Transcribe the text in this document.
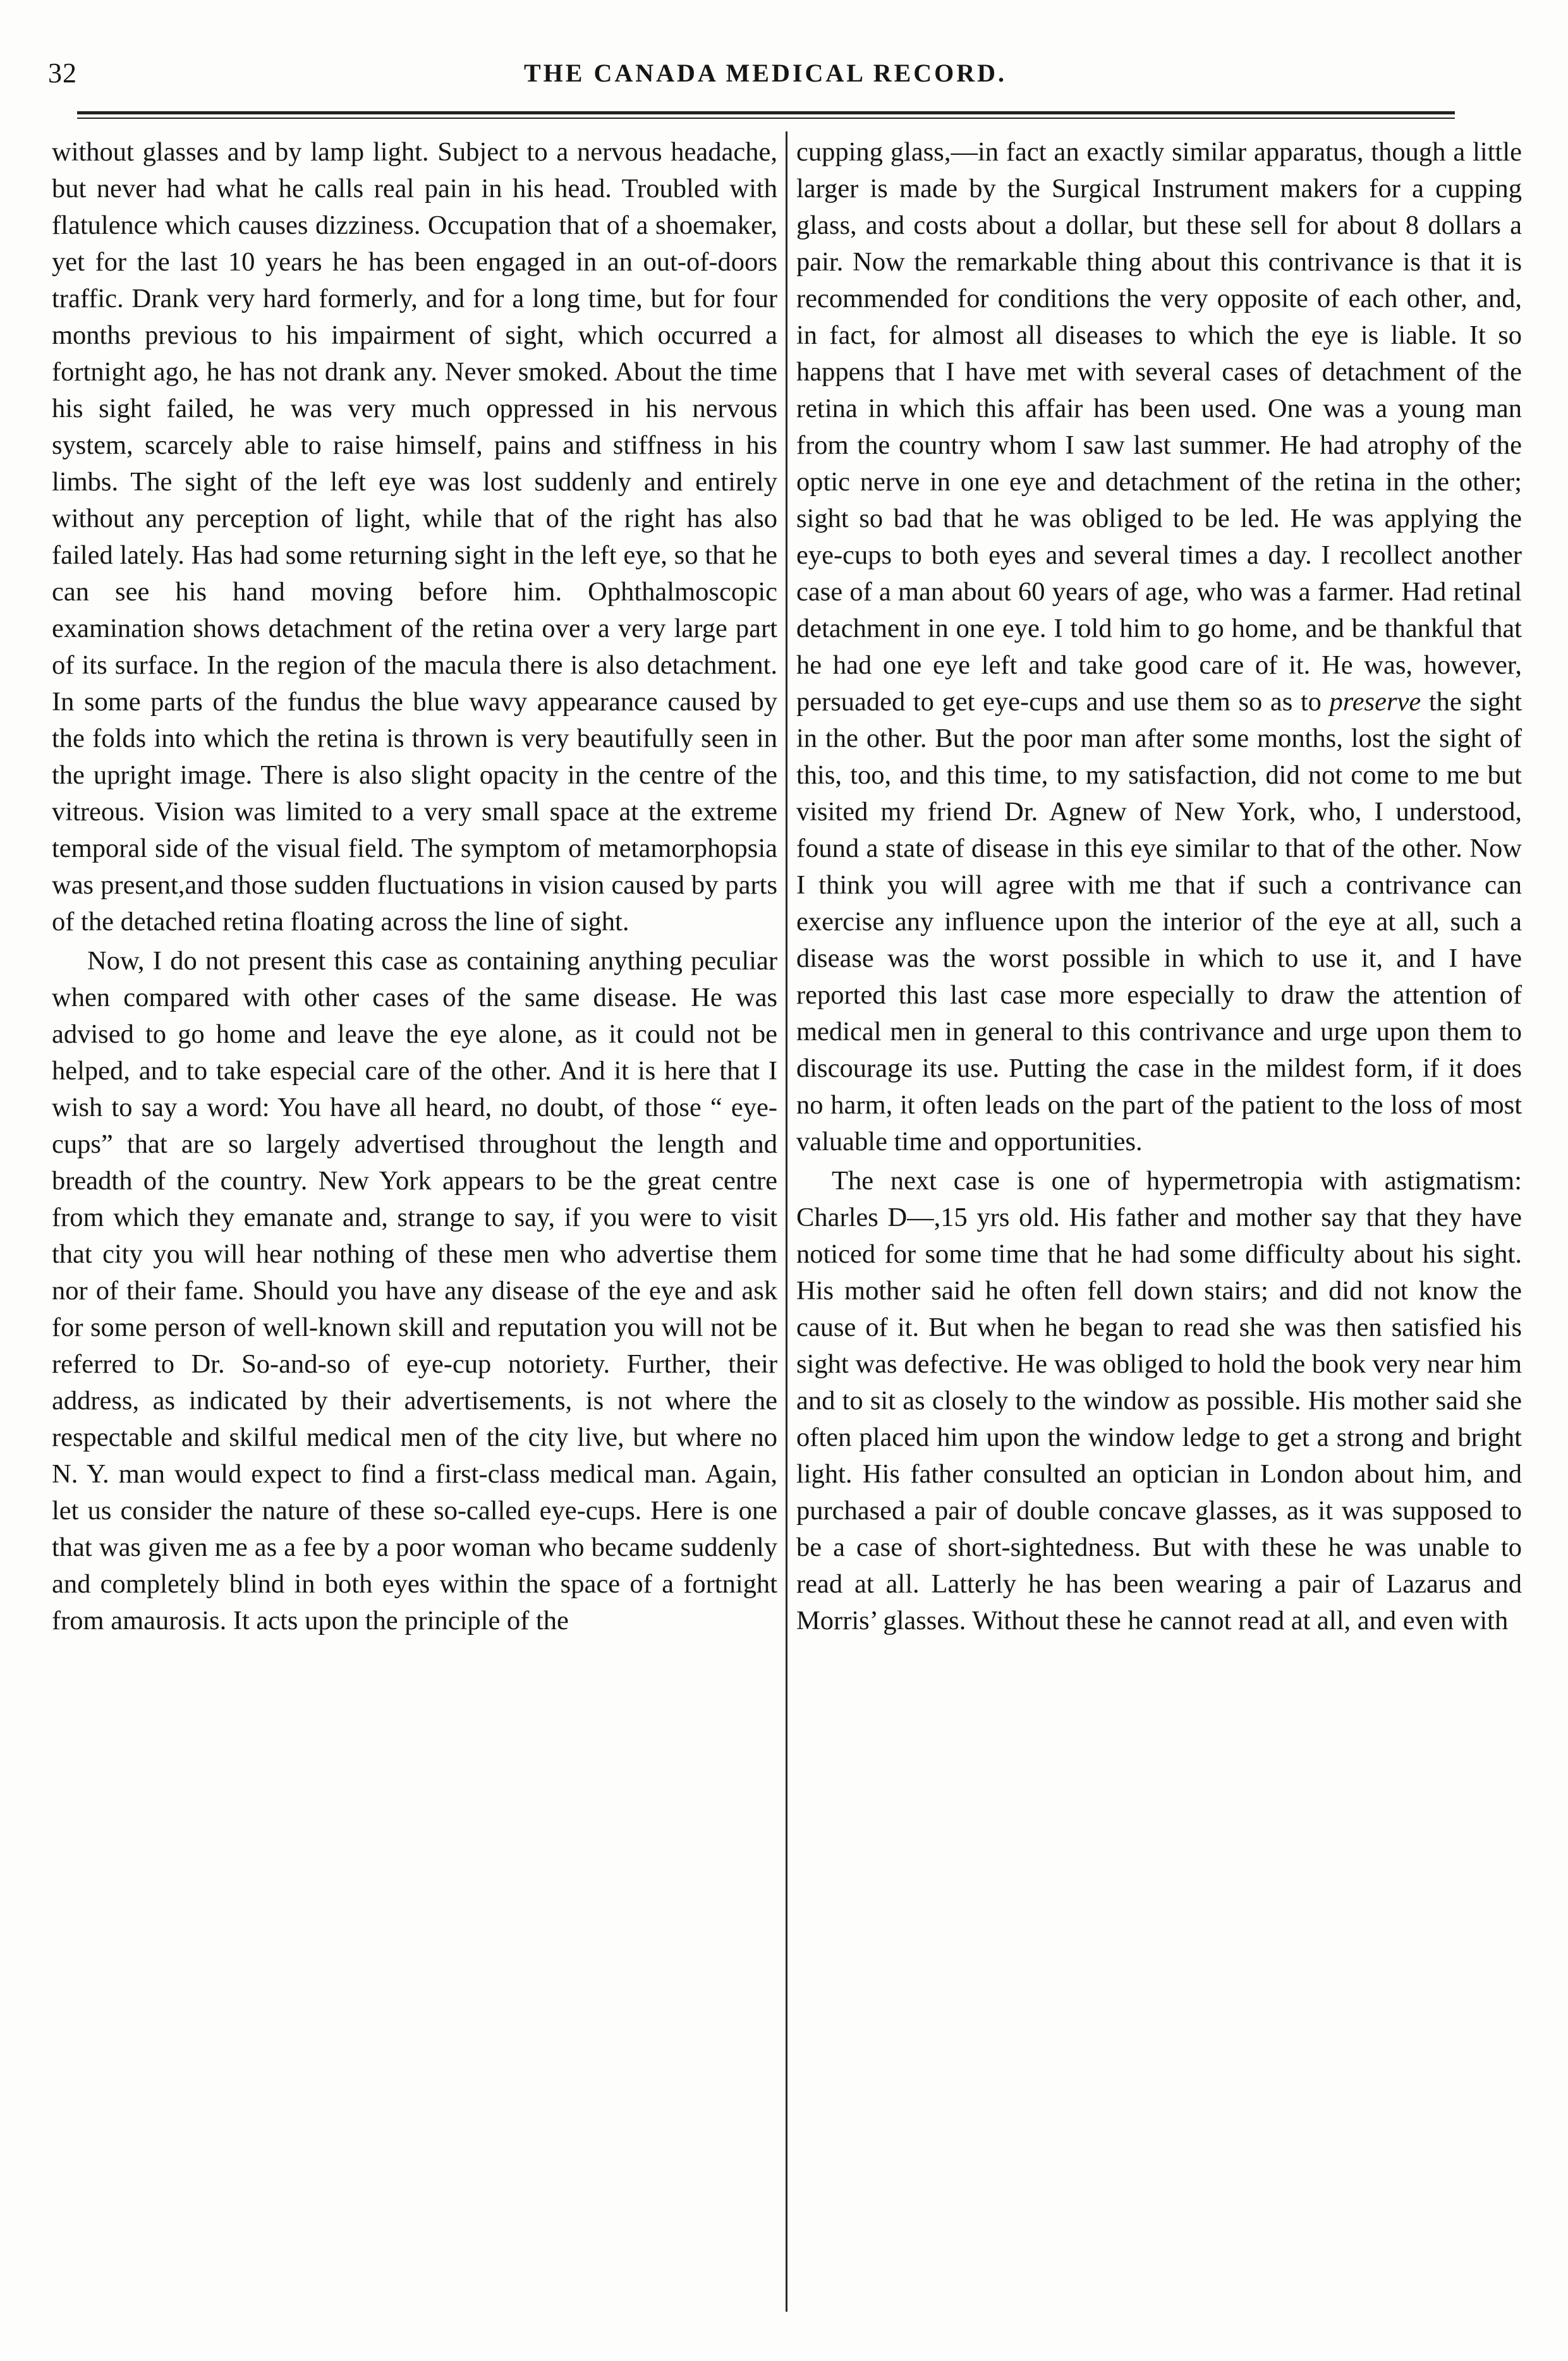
32	THE CANADA MEDICAL RECORD.

without glasses and by lamp light. Subject to a nervous headache, but never had what he calls real pain in his head. Troubled with flatulence which causes dizziness. Occupation that of a shoemaker, yet for the last 10 years he has been engaged in an out-of-doors traffic. Drank very hard formerly, and for a long time, but for four months previous to his impairment of sight, which occurred a fortnight ago, he has not drank any. Never smoked. About the time his sight failed, he was very much oppressed in his nervous system, scarcely able to raise himself, pains and stiffness in his limbs. The sight of the left eye was lost suddenly and entirely without any perception of light, while that of the right has also failed lately. Has had some returning sight in the left eye, so that he can see his hand moving before him. Ophthalmoscopic examination shows detachment of the retina over a very large part of its surface. In the region of the macula there is also detachment. In some parts of the fundus the blue wavy appearance caused by the folds into which the retina is thrown is very beautifully seen in the upright image. There is also slight opacity in the centre of the vitreous. Vision was limited to a very small space at the extreme temporal side of the visual field. The symptom of metamorphopsia was present,and those sudden fluctuations in vision caused by parts of the detached retina floating across the line of sight.

Now, I do not present this case as containing anything peculiar when compared with other cases of the same disease. He was advised to go home and leave the eye alone, as it could not be helped, and to take especial care of the other. And it is here that I wish to say a word: You have all heard, no doubt, of those “ eye-cups” that are so largely advertised throughout the length and breadth of the country. New York appears to be the great centre from which they emanate and, strange to say, if you were to visit that city you will hear nothing of these men who advertise them nor of their fame. Should you have any disease of the eye and ask for some person of well-known skill and reputation you will not be referred to Dr. So-and-so of eye-cup notoriety. Further, their address, as indicated by their advertisements, is not where the respectable and skilful medical men of the city live, but where no N. Y. man would expect to find a first-class medical man. Again, let us consider the nature of these so-called eye-cups. Here is one that was given me as a fee by a poor woman who became suddenly and completely blind in both eyes within the space of a fortnight from amaurosis. It acts upon the principle of the

cupping glass,—in fact an exactly similar apparatus, though a little larger is made by the Surgical Instrument makers for a cupping glass, and costs about a dollar, but these sell for about 8 dollars a pair. Now the remarkable thing about this contrivance is that it is recommended for conditions the very opposite of each other, and, in fact, for almost all diseases to which the eye is liable. It so happens that I have met with several cases of detachment of the retina in which this affair has been used. One was a young man from the country whom I saw last summer. He had atrophy of the optic nerve in one eye and detachment of the retina in the other; sight so bad that he was obliged to be led. He was applying the eye-cups to both eyes and several times a day. I recollect another case of a man about 60 years of age, who was a farmer. Had retinal detachment in one eye. I told him to go home, and be thankful that he had one eye left and take good care of it. He was, however, persuaded to get eye-cups and use them so as to preserve the sight in the other. But the poor man after some months, lost the sight of this, too, and this time, to my satisfaction, did not come to me but visited my friend Dr. Agnew of New York, who, I understood, found a state of disease in this eye similar to that of the other. Now I think you will agree with me that if such a contrivance can exercise any influence upon the interior of the eye at all, such a disease was the worst possible in which to use it, and I have reported this last case more especially to draw the attention of medical men in general to this contrivance and urge upon them to discourage its use. Putting the case in the mildest form, if it does no harm, it often leads on the part of the patient to the loss of most valuable time and opportunities.

The next case is one of hypermetropia with astigmatism: Charles D—,15 yrs old. His father and mother say that they have noticed for some time that he had some difficulty about his sight. His mother said he often fell down stairs; and did not know the cause of it. But when he began to read she was then satisfied his sight was defective. He was obliged to hold the book very near him and to sit as closely to the window as possible. His mother said she often placed him upon the window ledge to get a strong and bright light. His father consulted an optician in London about him, and purchased a pair of double concave glasses, as it was supposed to be a case of short-sightedness. But with these he was unable to read at all. Latterly he has been wearing a pair of Lazarus and Morris’ glasses. Without these he cannot read at all, and even with
